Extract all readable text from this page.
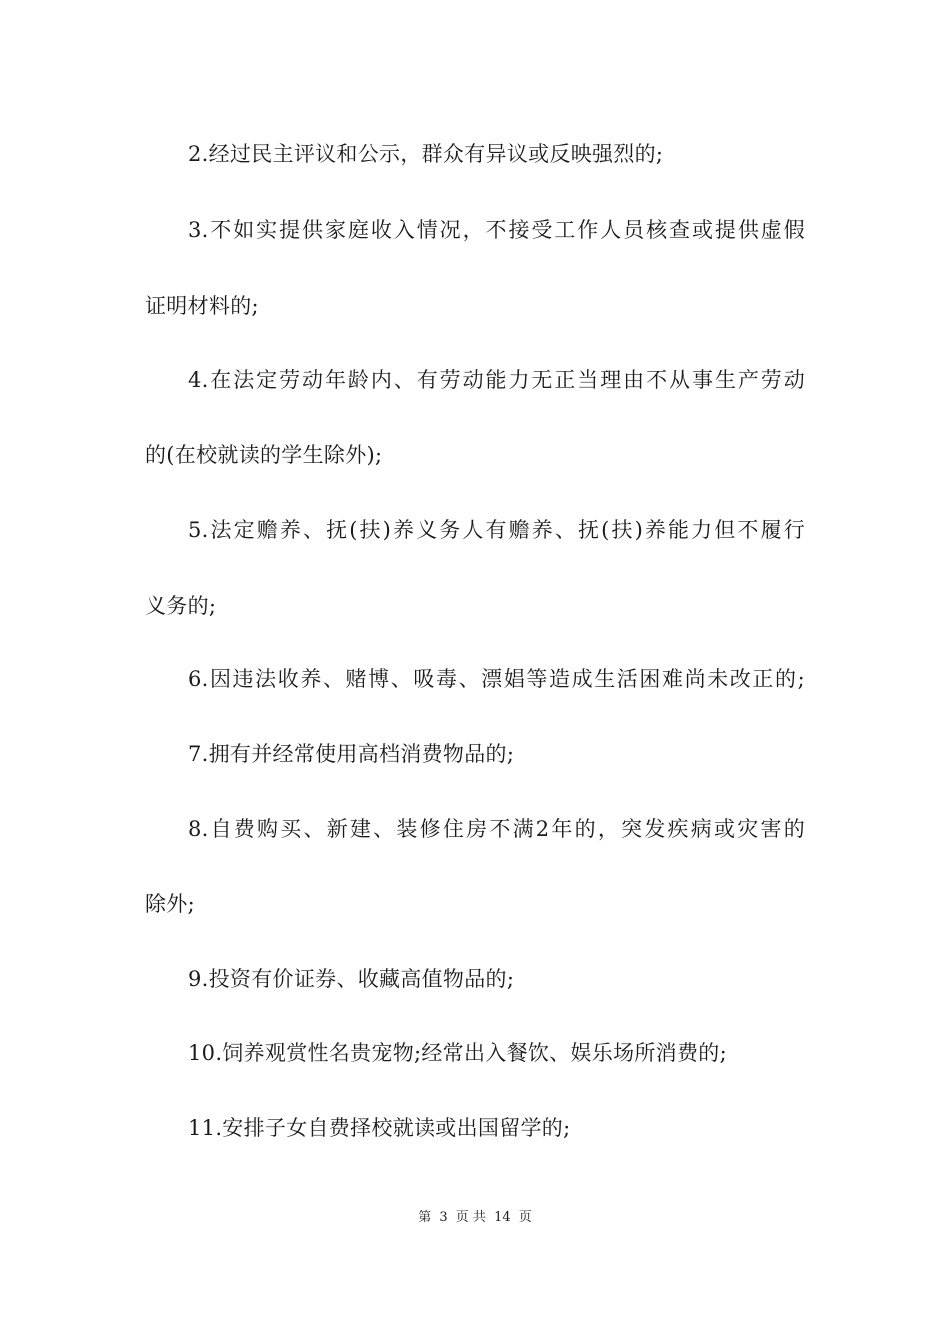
2.经过民主评议和公示，群众有异议或反映强烈的;
3.不如实提供家庭收入情况，不接受工作人员核查或提供虚假
证明材料的;
4.在法定劳动年龄内、有劳动能力无正当理由不从事生产劳动
的(在校就读的学生除外);
5.法定赡养、抚(扶)养义务人有赡养、抚(扶)养能力但不履行
义务的;
6.因违法收养、赌博、吸毒、漂娼等造成生活困难尚未改正的;
7.拥有并经常使用高档消费物品的;
8.自费购买、新建、装修住房不满2年的，突发疾病或灾害的
除外;
9.投资有价证券、收藏高值物品的;
10.饲养观赏性名贵宠物;经常出入餐饮、娱乐场所消费的;
11.安排子女自费择校就读或出国留学的;
第 3 页 共 14 页
